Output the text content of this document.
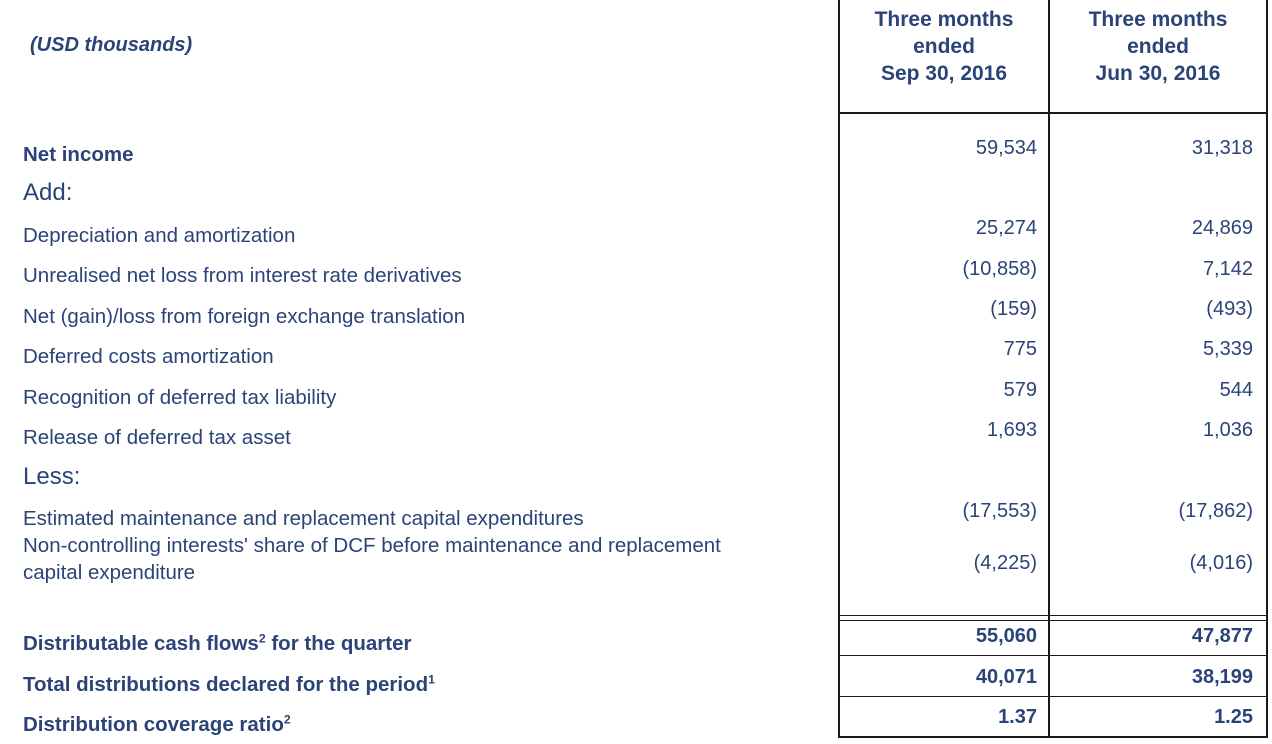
(USD thousands)
Three months
ended
Sep 30, 2016
Three months
ended
Jun 30, 2016
Net income	59,534	31,318
Add:
Depreciation and amortization	25,274	24,869
Unrealised net loss from interest rate derivatives	(10,858)	7,142
Net (gain)/loss from foreign exchange translation	(159)	(493)
Deferred costs amortization	775	5,339
Recognition of deferred tax liability	579	544
Release of deferred tax asset	1,693	1,036
Less:
Estimated maintenance and replacement capital expenditures	(17,553)	(17,862)
Non-controlling interests' share of DCF before maintenance and replacement
capital expenditure	(4,225)	(4,016)
Distributable cash flows$^2$ for the quarter	55,060	47,877
Total distributions declared for the period$^1$	40,071	38,199
Distribution coverage ratio$^2$	1.37	1.25
